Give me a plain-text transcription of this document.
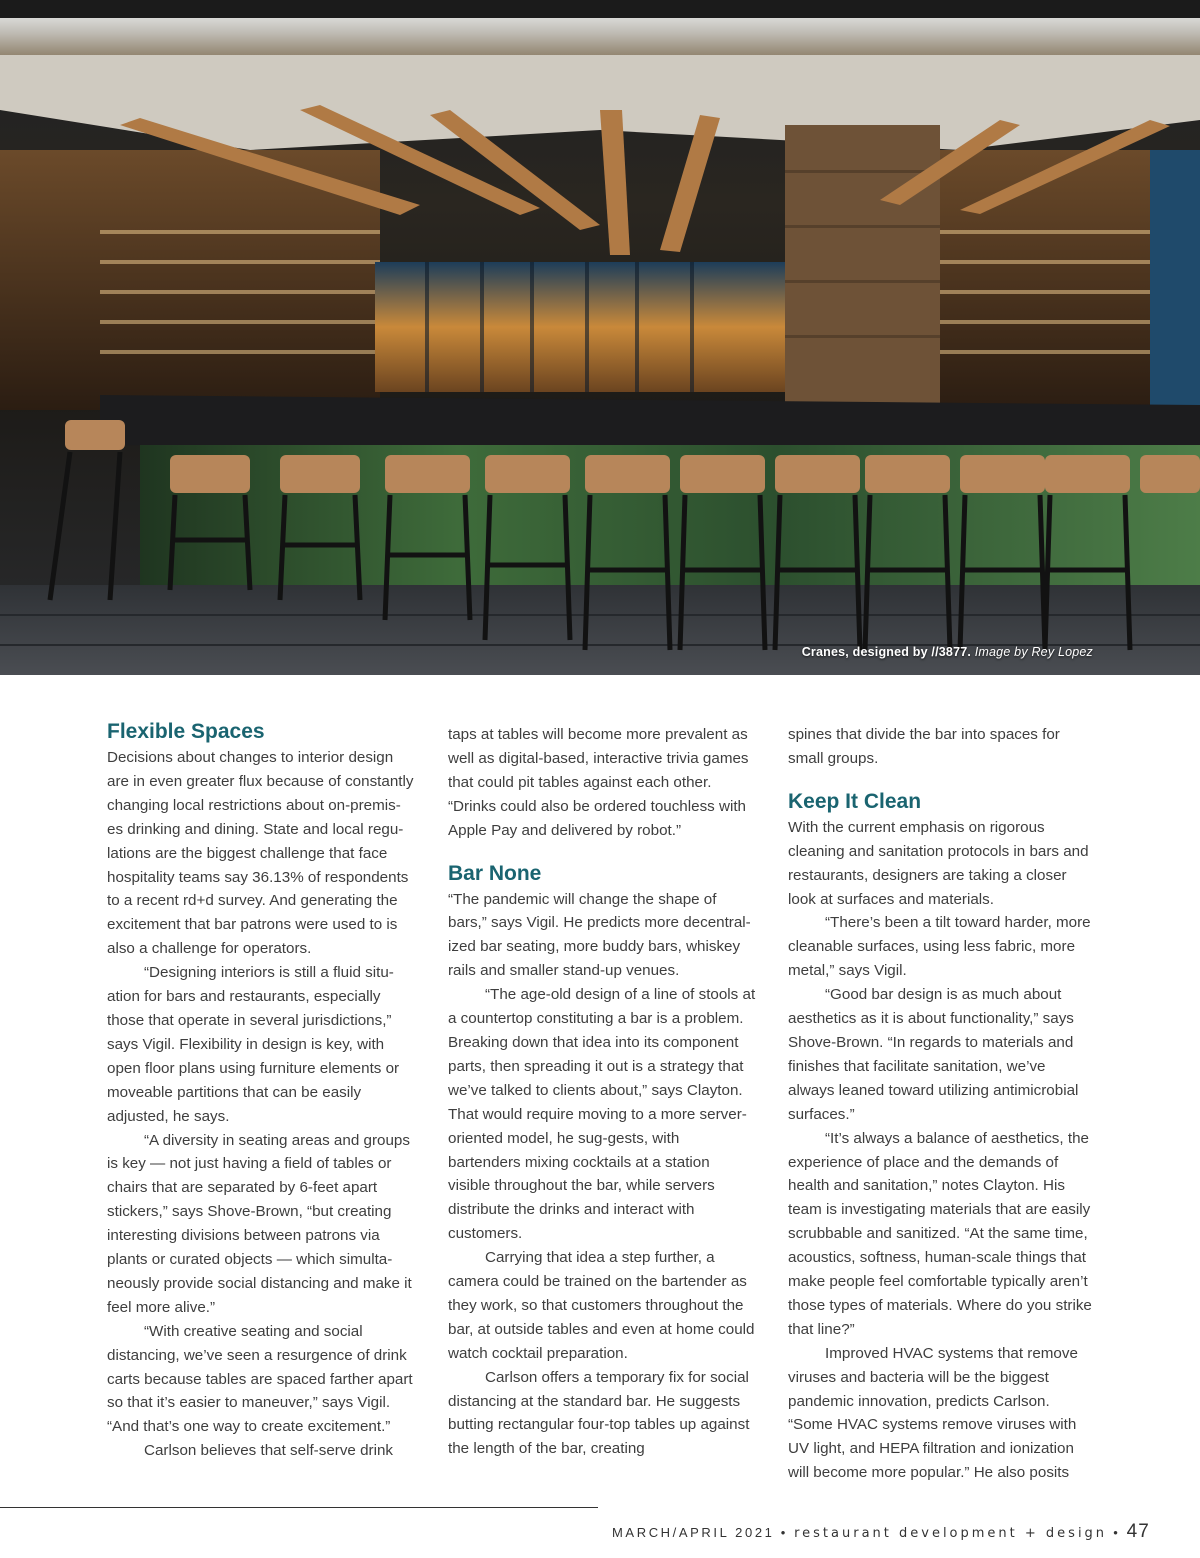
Cranes, designed by //3877. Image by Rey Lopez
Flexible Spaces

Decisions about changes to interior design are in even greater flux because of constantly changing local restrictions about on-premis-es drinking and dining. State and local regu-lations are the biggest challenge that face hospitality teams say 36.13% of respondents to a recent rd+d survey. And generating the excitement that bar patrons were used to is also a challenge for operators.

“Designing interiors is still a fluid situ-ation for bars and restaurants, especially those that operate in several jurisdictions,” says Vigil. Flexibility in design is key, with open floor plans using furniture elements or moveable partitions that can be easily adjusted, he says.

“A diversity in seating areas and groups is key — not just having a field of tables or chairs that are separated by 6-feet apart stickers,” says Shove-Brown, “but creating interesting divisions between patrons via plants or curated objects — which simulta-neously provide social distancing and make it feel more alive.”

“With creative seating and social distancing, we’ve seen a resurgence of drink carts because tables are spaced farther apart so that it’s easier to maneuver,” says Vigil. “And that’s one way to create excitement.”

Carlson believes that self-serve drink

taps at tables will become more prevalent as well as digital-based, interactive trivia games that could pit tables against each other. “Drinks could also be ordered touchless with Apple Pay and delivered by robot.”

Bar None

“The pandemic will change the shape of bars,” says Vigil. He predicts more decentral-ized bar seating, more buddy bars, whiskey rails and smaller stand-up venues.

“The age-old design of a line of stools at a countertop constituting a bar is a problem. Breaking down that idea into its component parts, then spreading it out is a strategy that we’ve talked to clients about,” says Clayton. That would require moving to a more server-oriented model, he sug-gests, with bartenders mixing cocktails at a station visible throughout the bar, while servers distribute the drinks and interact with customers.

Carrying that idea a step further, a camera could be trained on the bartender as they work, so that customers throughout the bar, at outside tables and even at home could watch cocktail preparation.

Carlson offers a temporary fix for social distancing at the standard bar. He suggests butting rectangular four-top tables up against the length of the bar, creating

spines that divide the bar into spaces for small groups.

Keep It Clean

With the current emphasis on rigorous cleaning and sanitation protocols in bars and restaurants, designers are taking a closer look at surfaces and materials.

“There’s been a tilt toward harder, more cleanable surfaces, using less fabric, more metal,” says Vigil.

“Good bar design is as much about aesthetics as it is about functionality,” says Shove-Brown. “In regards to materials and finishes that facilitate sanitation, we’ve always leaned toward utilizing antimicrobial surfaces.”

“It’s always a balance of aesthetics, the experience of place and the demands of health and sanitation,” notes Clayton. His team is investigating materials that are easily scrubbable and sanitized. “At the same time, acoustics, softness, human-scale things that make people feel comfortable typically aren’t those types of materials. Where do you strike that line?”

Improved HVAC systems that remove viruses and bacteria will be the biggest pandemic innovation, predicts Carlson. “Some HVAC systems remove viruses with UV light, and HEPA filtration and ionization will become more popular.” He also posits

MARCH/APRIL 2021 • restaurant development + design • 47
